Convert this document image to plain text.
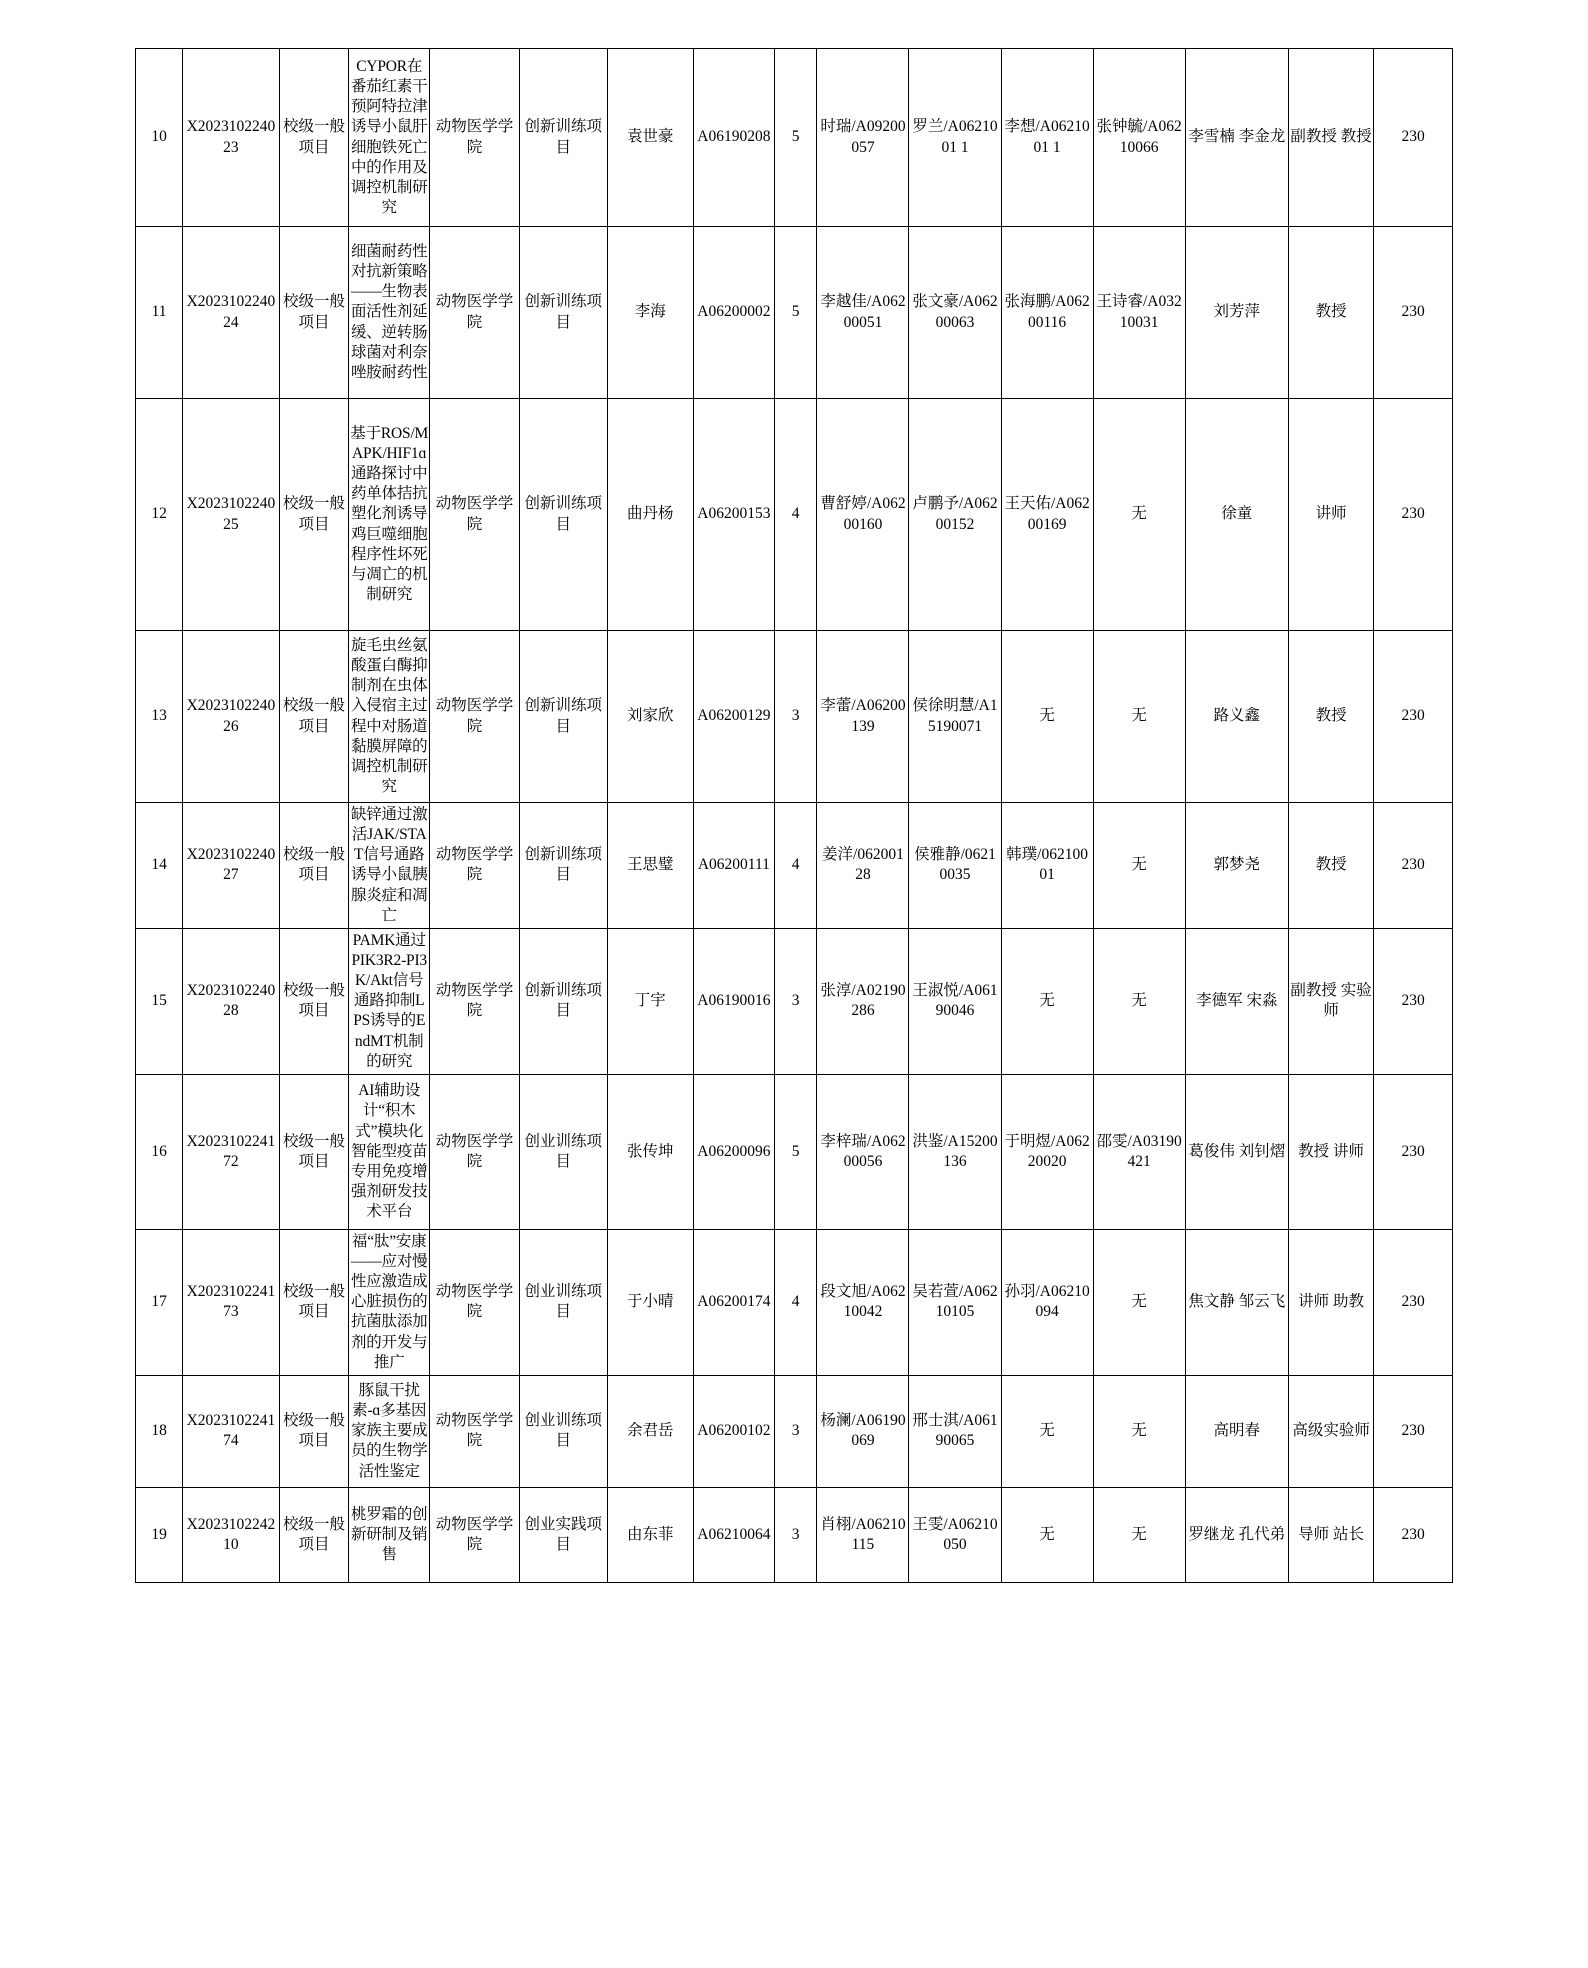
10	X202310224023	校级一般项目	CYPOR在番茄红素干预阿特拉津诱导小鼠肝细胞铁死亡中的作用及调控机制研究	动物医学学院	创新训练项目	袁世豪	A06190208	5	时瑞/A09200057	罗兰/A0621001 1	李想/A0621001 1	张钟毓/A06210066	李雪楠 李金龙	副教授 教授	230
11	X202310224024	校级一般项目	细菌耐药性对抗新策略——生物表面活性剂延缓、逆转肠球菌对利奈唑胺耐药性	动物医学学院	创新训练项目	李海	A06200002	5	李越佳/A06200051	张文豪/A06200063	张海鹏/A06200116	王诗睿/A03210031	刘芳萍	教授	230
12	X202310224025	校级一般项目	基于ROS/MAPK/HIF1ɑ通路探讨中药单体拮抗塑化剂诱导鸡巨噬细胞程序性坏死与凋亡的机制研究	动物医学学院	创新训练项目	曲丹杨	A06200153	4	曹舒婷/A06200160	卢鹏予/A06200152	王天佑/A06200169	无	徐童	讲师	230
13	X202310224026	校级一般项目	旋毛虫丝氨酸蛋白酶抑制剂在虫体入侵宿主过程中对肠道黏膜屏障的调控机制研究	动物医学学院	创新训练项目	刘家欣	A06200129	3	李蕾/A06200139	侯徐明慧/A15190071	无	无	路义鑫	教授	230
14	X202310224027	校级一般项目	缺锌通过激活JAK/STAT信号通路诱导小鼠胰腺炎症和凋亡	动物医学学院	创新训练项目	王思璧	A06200111	4	姜洋/06200128	侯雅静/06210035	韩璞/06210001	无	郭梦尧	教授	230
15	X202310224028	校级一般项目	PAMK通过PIK3R2-PI3K/Akt信号通路抑制LPS诱导的EndMT机制的研究	动物医学学院	创新训练项目	丁宇	A06190016	3	张淳/A02190286	王淑悦/A06190046	无	无	李德军 宋淼	副教授 实验师	230
16	X202310224172	校级一般项目	AI辅助设计“积木式”模块化智能型疫苗专用免疫增强剂研发技术平台	动物医学学院	创业训练项目	张传坤	A06200096	5	李梓瑞/A06200056	洪鉴/A15200136	于明煜/A06220020	邵雯/A03190421	葛俊伟 刘钊熠	教授 讲师	230
17	X202310224173	校级一般项目	福“肽”安康——应对慢性应激造成心脏损伤的抗菌肽添加剂的开发与推广	动物医学学院	创业训练项目	于小晴	A06200174	4	段文旭/A06210042	吴若萱/A06210105	孙羽/A06210094	无	焦文静 邹云飞	讲师 助教	230
18	X202310224174	校级一般项目	豚鼠干扰素-ɑ多基因家族主要成员的生物学活性鉴定	动物医学学院	创业训练项目	余君岳	A06200102	3	杨澜/A06190069	邢士淇/A06190065	无	无	高明春	高级实验师	230
19	X202310224210	校级一般项目	桃罗霜的创新研制及销售	动物医学学院	创业实践项目	由东菲	A06210064	3	肖栩/A06210115	王雯/A06210050	无	无	罗继龙 孔代弟	导师 站长	230
